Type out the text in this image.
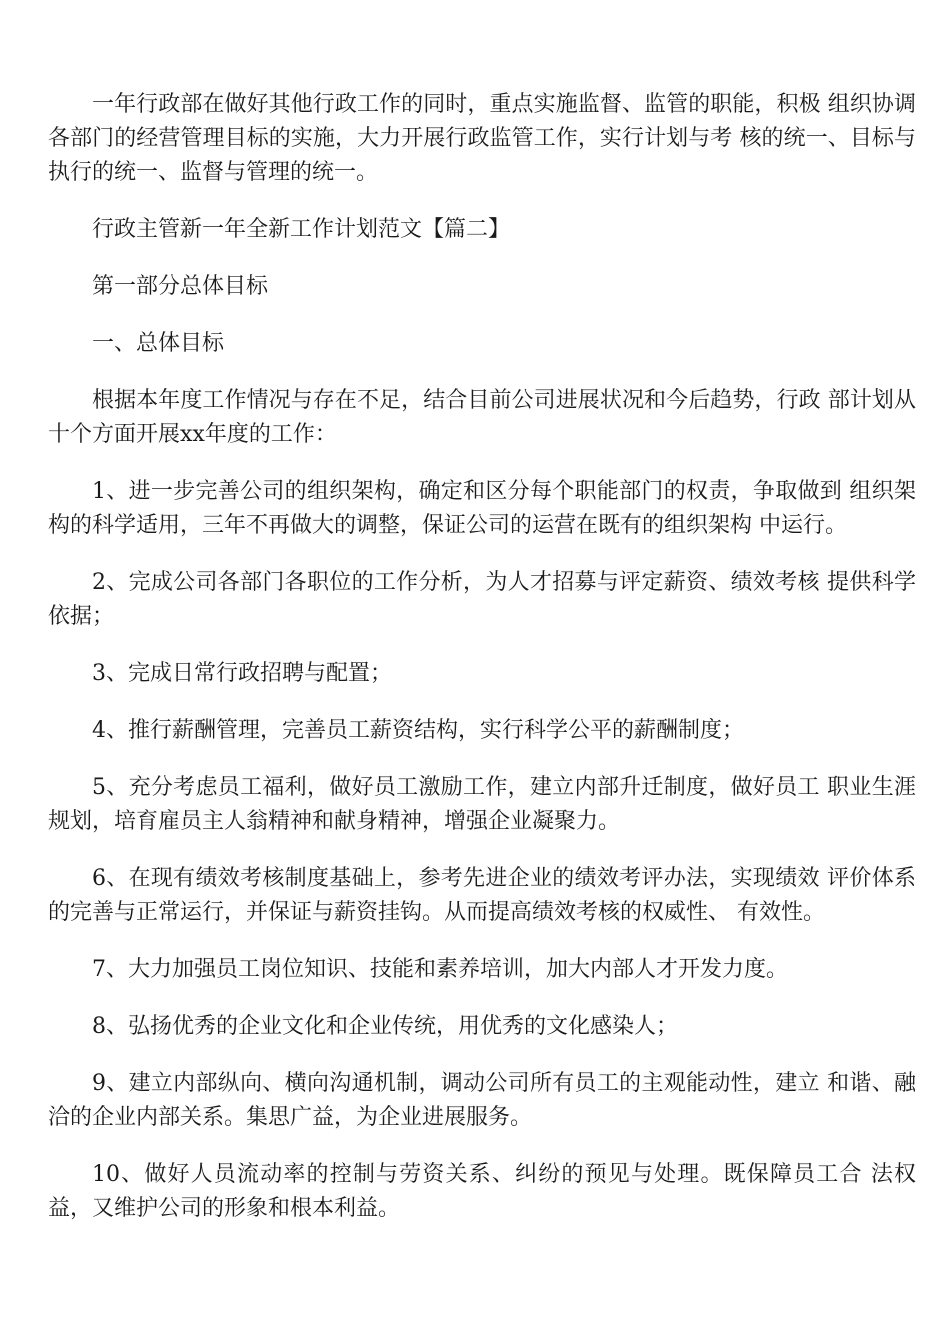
一年行政部在做好其他行政工作的同时，重点实施监督、监管的职能，积极 组织协调各部门的经营管理目标的实施，大力开展行政监管工作，实行计划与考 核的统一、目标与执行的统一、监督与管理的统一。

行政主管新一年全新工作计划范文【篇二】

第一部分总体目标

一、总体目标

根据本年度工作情况与存在不足，结合目前公司进展状况和今后趋势，行政 部计划从十个方面开展xx年度的工作：

1、进一步完善公司的组织架构，确定和区分每个职能部门的权责，争取做到 组织架构的科学适用，三年不再做大的调整，保证公司的运营在既有的组织架构 中运行。

2、完成公司各部门各职位的工作分析，为人才招募与评定薪资、绩效考核 提供科学依据；

3、完成日常行政招聘与配置；

4、推行薪酬管理，完善员工薪资结构，实行科学公平的薪酬制度；

5、充分考虑员工福利，做好员工激励工作，建立内部升迁制度，做好员工 职业生涯规划，培育雇员主人翁精神和献身精神，增强企业凝聚力。

6、在现有绩效考核制度基础上，参考先进企业的绩效考评办法，实现绩效 评价体系的完善与正常运行，并保证与薪资挂钩。从而提高绩效考核的权威性、 有效性。

7、大力加强员工岗位知识、技能和素养培训，加大内部人才开发力度。

8、弘扬优秀的企业文化和企业传统，用优秀的文化感染人；

9、建立内部纵向、横向沟通机制，调动公司所有员工的主观能动性，建立 和谐、融洽的企业内部关系。集思广益，为企业进展服务。

10、做好人员流动率的控制与劳资关系、纠纷的预见与处理。既保障员工合 法权益，又维护公司的形象和根本利益。
